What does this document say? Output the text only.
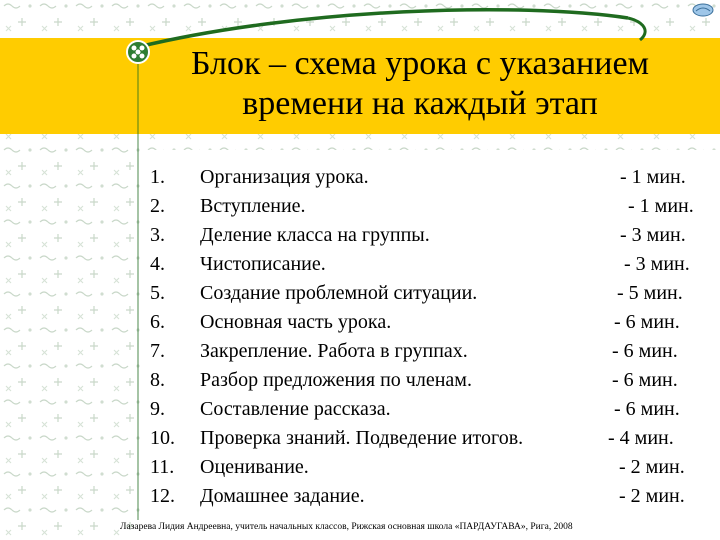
Блок – схема урока с указанием
времени на каждый этап
1.	Организация урока.	- 1 мин.
2.	Вступление.	- 1 мин.
3.	Деление класса на группы.	- 3 мин.
4.	Чистописание.	- 3 мин.
5.	Создание проблемной ситуации.	- 5 мин.
6.	Основная часть урока.	- 6 мин.
7.	Закрепление. Работа в группах.	- 6 мин.
8.	Разбор предложения по членам.	- 6 мин.
9.	Составление рассказа.	- 6 мин.
10.	Проверка знаний. Подведение итогов.	- 4 мин.
11.	Оценивание.	- 2 мин.
12.	Домашнее задание.	- 2 мин.
Лазарева Лидия Андреевна, учитель начальных классов, Рижская основная школа «ПАРДАУГАВА», Рига, 2008
